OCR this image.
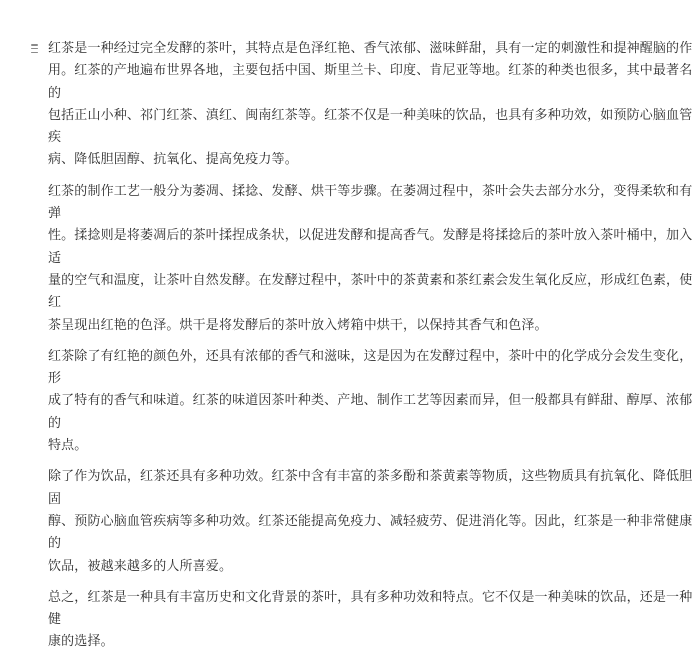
红茶是一种经过完全发酵的茶叶，其特点是色泽红艳、香气浓郁、滋味鲜甜，具有一定的刺激性和提神醒脑的作
用。红茶的产地遍布世界各地，主要包括中国、斯里兰卡、印度、肯尼亚等地。红茶的种类也很多，其中最著名的
包括正山小种、祁门红茶、滇红、闽南红茶等。红茶不仅是一种美味的饮品，也具有多种功效，如预防心脑血管疾
病、降低胆固醇、抗氧化、提高免疫力等。

红茶的制作工艺一般分为萎凋、揉捻、发酵、烘干等步骤。在萎凋过程中，茶叶会失去部分水分，变得柔软和有弹
性。揉捻则是将萎凋后的茶叶揉捏成条状，以促进发酵和提高香气。发酵是将揉捻后的茶叶放入茶叶桶中，加入适
量的空气和温度，让茶叶自然发酵。在发酵过程中，茶叶中的茶黄素和茶红素会发生氧化反应，形成红色素，使红
茶呈现出红艳的色泽。烘干是将发酵后的茶叶放入烤箱中烘干，以保持其香气和色泽。

红茶除了有红艳的颜色外，还具有浓郁的香气和滋味，这是因为在发酵过程中，茶叶中的化学成分会发生变化，形
成了特有的香气和味道。红茶的味道因茶叶种类、产地、制作工艺等因素而异，但一般都具有鲜甜、醇厚、浓郁的
特点。

除了作为饮品，红茶还具有多种功效。红茶中含有丰富的茶多酚和茶黄素等物质，这些物质具有抗氧化、降低胆固
醇、预防心脑血管疾病等多种功效。红茶还能提高免疫力、减轻疲劳、促进消化等。因此，红茶是一种非常健康的
饮品，被越来越多的人所喜爱。

总之，红茶是一种具有丰富历史和文化背景的茶叶，具有多种功效和特点。它不仅是一种美味的饮品，还是一种健
康的选择。
